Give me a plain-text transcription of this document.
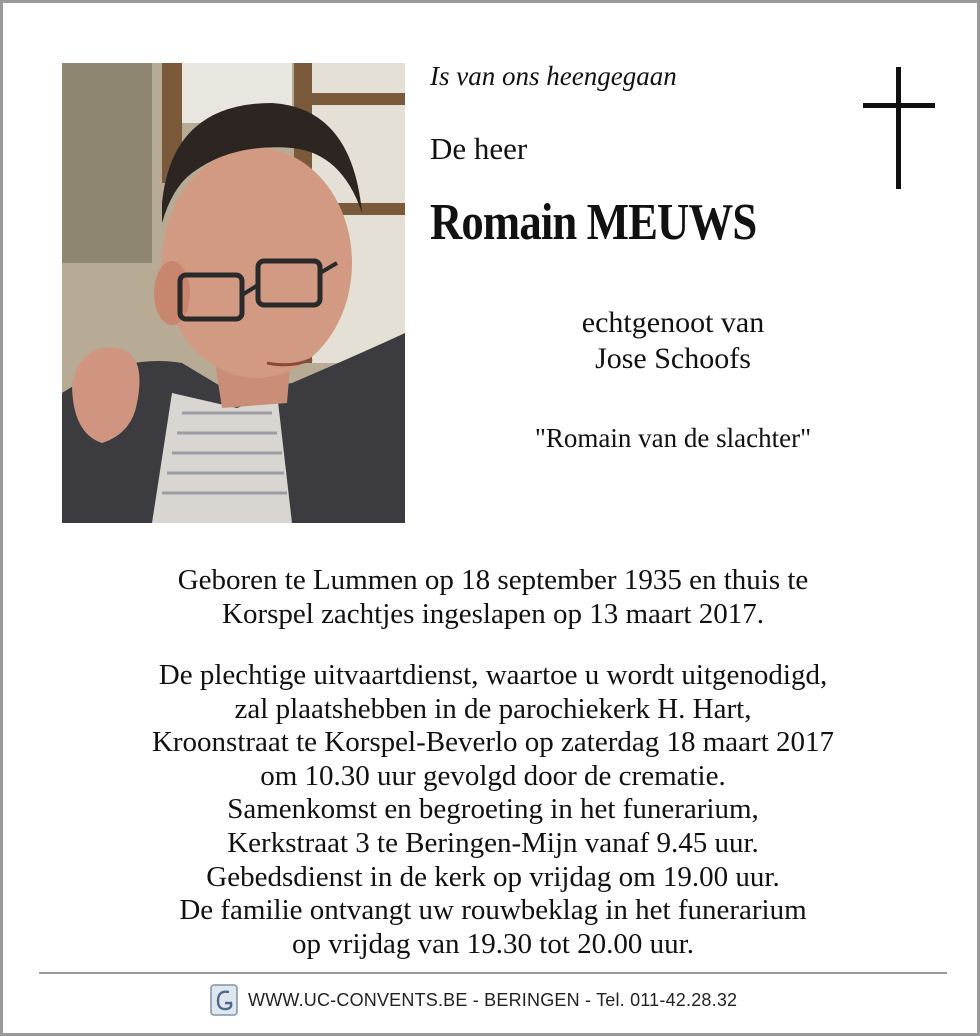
Is van ons heengegaan
De heer
Romain MEUWS
echtgenoot van
Jose Schoofs
"Romain van de slachter"
Geboren te Lummen op 18 september 1935 en thuis te
Korspel zachtjes ingeslapen op 13 maart 2017.
De plechtige uitvaartdienst, waartoe u wordt uitgenodigd,
zal plaatshebben in de parochiekerk H. Hart,
Kroonstraat te Korspel-Beverlo op zaterdag 18 maart 2017
om 10.30 uur gevolgd door de crematie.
Samenkomst en begroeting in het funerarium,
Kerkstraat 3 te Beringen-Mijn vanaf 9.45 uur.
Gebedsdienst in de kerk op vrijdag om 19.00 uur.
De familie ontvangt uw rouwbeklag in het funerarium
op vrijdag van 19.30 tot 20.00 uur.
WWW.UC-CONVENTS.BE - BERINGEN - Tel. 011-42.28.32
